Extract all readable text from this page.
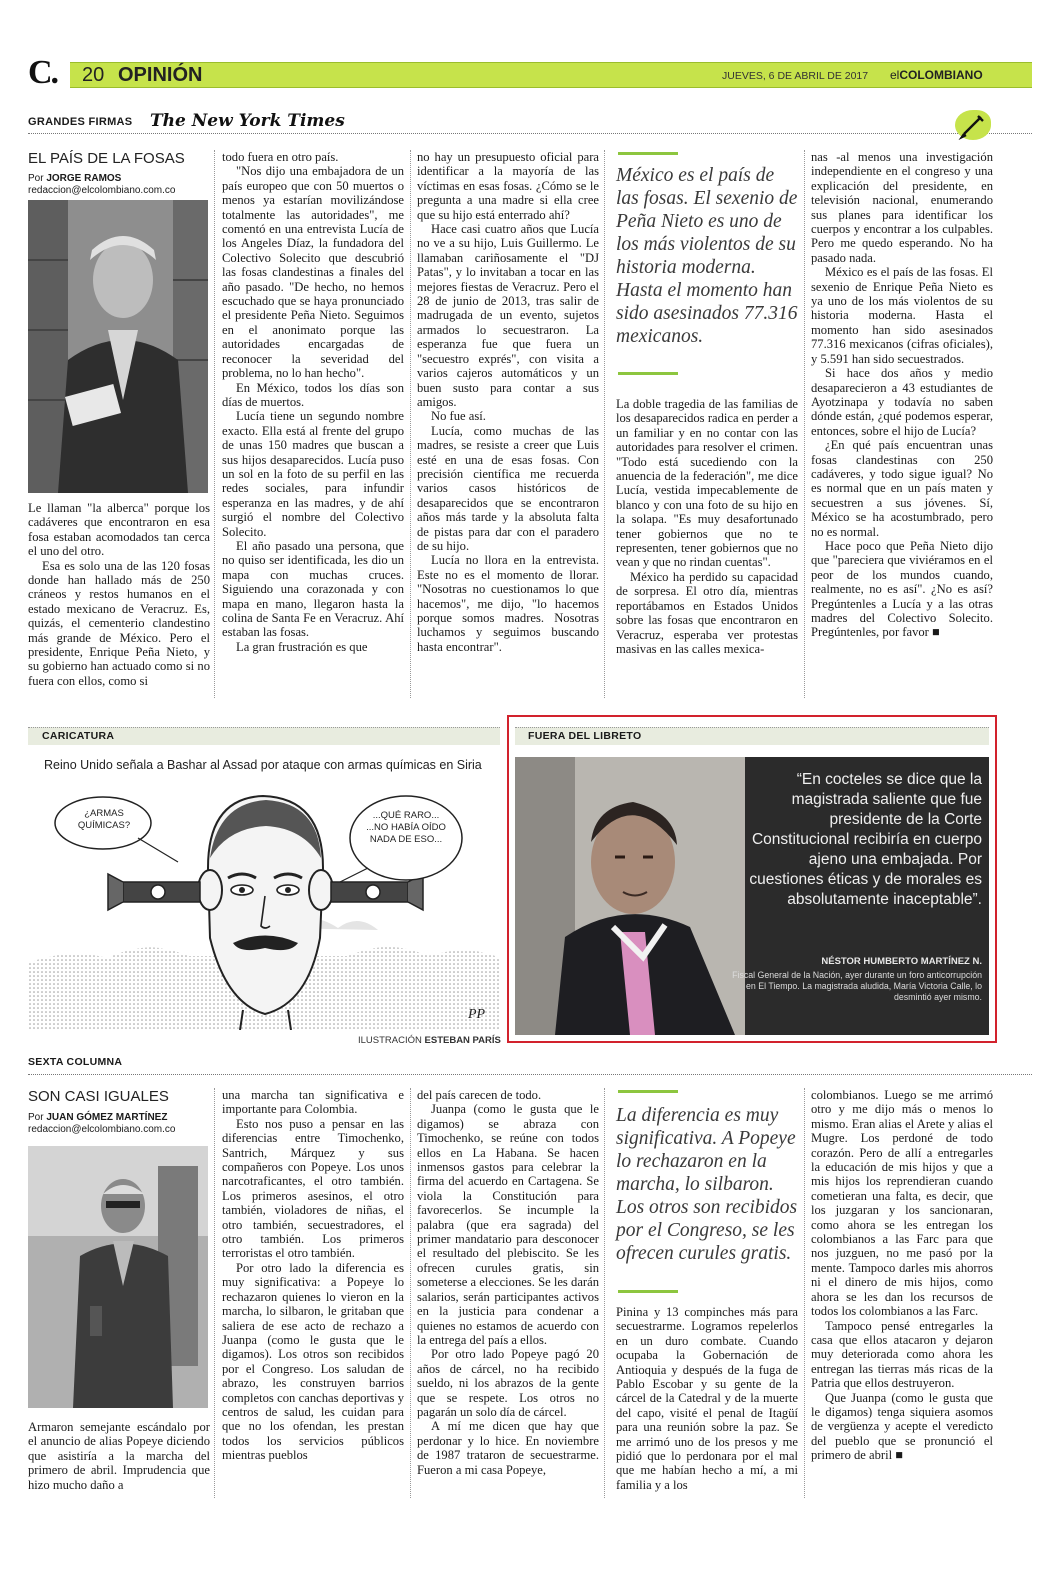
C. 20 OPINIÓN	JUEVES, 6 DE ABRIL DE 2017 elCOLOMBIANO
GRANDES FIRMAS The New York Times
EL PAÍS DE LA FOSAS
Por JORGE RAMOS
redaccion@elcolombiano.com.co

Le llaman "la alberca" porque los cadáveres que encontraron en esa fosa estaban acomodados tan cerca el uno del otro.

Esa es solo una de las 120 fosas donde han hallado más de 250 cráneos y restos humanos en el estado mexicano de Veracruz. Es, quizás, el cementerio clandestino más grande de México. Pero el presidente, Enrique Peña Nieto, y su gobierno han actuado como si no fuera con ellos, como si

todo fuera en otro país.

"Nos dijo una embajadora de un país europeo que con 50 muertos o menos ya estarían movilizándose totalmente las autoridades", me comentó en una entrevista Lucía de los Angeles Díaz, la fundadora del Colectivo Solecito que descubrió las fosas clandestinas a finales del año pasado. "De hecho, no hemos escuchado que se haya pronunciado el presidente Peña Nieto. Seguimos en el anonimato porque las autoridades encargadas de reconocer la severidad del problema, no lo han hecho".

En México, todos los días son días de muertos.

Lucía tiene un segundo nombre exacto. Ella está al frente del grupo de unas 150 madres que buscan a sus hijos desaparecidos. Lucía puso un sol en la foto de su perfil en las redes sociales, para infundir esperanza en las madres, y de ahí surgió el nombre del Colectivo Solecito.

El año pasado una persona, que no quiso ser identificada, les dio un mapa con muchas cruces. Siguiendo una corazonada y con mapa en mano, llegaron hasta la colina de Santa Fe en Veracruz. Ahí estaban las fosas.

La gran frustración es que

no hay un presupuesto oficial para identificar a la mayoría de las víctimas en esas fosas. ¿Cómo se le pregunta a una madre si ella cree que su hijo está enterrado ahí?

Hace casi cuatro años que Lucía no ve a su hijo, Luis Guillermo. Le llamaban cariñosamente el "DJ Patas", y lo invitaban a tocar en las mejores fiestas de Veracruz. Pero el 28 de junio de 2013, tras salir de madrugada de un evento, sujetos armados lo secuestraron. La esperanza fue que fuera un "secuestro exprés", con visita a varios cajeros automáticos y un buen susto para contar a sus amigos.

No fue así.

Lucía, como muchas de las madres, se resiste a creer que Luis esté en una de esas fosas. Con precisión científica me recuerda varios casos históricos de desaparecidos que se encontraron años más tarde y la absoluta falta de pistas para dar con el paradero de su hijo.

Lucía no llora en la entrevista. Este no es el momento de llorar. "Nosotras no cuestionamos lo que hacemos", me dijo, "lo hacemos porque somos madres. Nosotras luchamos y seguimos buscando hasta encontrar".

México es el país de las fosas. El sexenio de Peña Nieto es uno de los más violentos de su historia moderna. Hasta el momento han sido asesinados 77.316 mexicanos.

La doble tragedia de las familias de los desaparecidos radica en perder a un familiar y en no contar con las autoridades para resolver el crimen. "Todo está sucediendo con la anuencia de la federación", me dice Lucía, vestida impecablemente de blanco y con una foto de su hijo en la solapa. "Es muy desafortunado tener gobiernos que no te representen, tener gobiernos que no vean y que no rindan cuentas".

México ha perdido su capacidad de sorpresa. El otro día, mientras reportábamos en Estados Unidos sobre las fosas que encontraron en Veracruz, esperaba ver protestas masivas en las calles mexica-

nas -al menos una investigación independiente en el congreso y una explicación del presidente, en televisión nacional, enumerando sus planes para identificar los cuerpos y encontrar a los culpables. Pero me quedo esperando. No ha pasado nada.

México es el país de las fosas. El sexenio de Enrique Peña Nieto es ya uno de los más violentos de su historia moderna. Hasta el momento han sido asesinados 77.316 mexicanos (cifras oficiales), y 5.591 han sido secuestrados.

Si hace dos años y medio desaparecieron a 43 estudiantes de Ayotzinapa y todavía no saben dónde están, ¿qué podemos esperar, entonces, sobre el hijo de Lucía?

¿En qué país encuentran unas fosas clandestinas con 250 cadáveres, y todo sigue igual? No es normal que en un país maten y secuestren a sus jóvenes. Sí, México se ha acostumbrado, pero no es normal.

Hace poco que Peña Nieto dijo que "pareciera que viviéramos en el peor de los mundos cuando, realmente, no es así". ¿No es así? Pregúntenles a Lucía y a las otras madres del Colectivo Solecito. Pregúntenles, por favor ■

CARICATURA
Reino Unido señala a Bashar al Assad por ataque con armas químicas en Siria
PP
¿ARMAS QUÍMICAS?
...QUÉ RARO... ...NO HABÍA OÍDO NADA DE ESO...
ILUSTRACIÓN ESTEBAN PARÍS
FUERA DEL LIBRETO
“En cocteles se dice que la magistrada saliente que fue presidente de la Corte Constitucional recibiría en cuerpo ajeno una embajada. Por cuestiones éticas y de morales es absolutamente inaceptable”.
NÉSTOR HUMBERTO MARTÍNEZ N.
Fiscal General de la Nación, ayer durante un foro anticorrupción en El Tiempo. La magistrada aludida, María Victoria Calle, lo desmintió ayer mismo.
SEXTA COLUMNA
SON CASI IGUALES
Por JUAN GÓMEZ MARTÍNEZ
redaccion@elcolombiano.com.co

Armaron semejante escándalo por el anuncio de alias Popeye diciendo que asistiría a la marcha del primero de abril. Imprudencia que hizo mucho daño a

una marcha tan significativa e importante para Colombia.

Esto nos puso a pensar en las diferencias entre Timochenko, Santrich, Márquez y sus compañeros con Popeye. Los unos narcotraficantes, el otro también. Los primeros asesinos, el otro también, violadores de niñas, el otro también, secuestradores, el otro también. Los primeros terroristas el otro también.

Por otro lado la diferencia es muy significativa: a Popeye lo rechazaron quienes lo vieron en la marcha, lo silbaron, le gritaban que saliera de ese acto de rechazo a Juanpa (como le gusta que le digamos). Los otros son recibidos por el Congreso. Los saludan de abrazo, les construyen barrios completos con canchas deportivas y centros de salud, les cuidan para que no los ofendan, les prestan todos los servicios públicos mientras pueblos

del país carecen de todo.

Juanpa (como le gusta que le digamos) se abraza con Timochenko, se reúne con todos ellos en La Habana. Se hacen inmensos gastos para celebrar la firma del acuerdo en Cartagena. Se viola la Constitución para favorecerlos. Se incumple la palabra (que era sagrada) del primer mandatario para desconocer el resultado del plebiscito. Se les ofrecen curules gratis, sin someterse a elecciones. Se les darán salarios, serán participantes activos en la justicia para condenar a quienes no estamos de acuerdo con la entrega del país a ellos.

Por otro lado Popeye pagó 20 años de cárcel, no ha recibido sueldo, ni los abrazos de la gente que se respete. Los otros no pagarán un solo día de cárcel.

A mí me dicen que hay que perdonar y lo hice. En noviembre de 1987 trataron de secuestrarme. Fueron a mi casa Popeye,

La diferencia es muy significativa. A Popeye lo rechazaron en la marcha, lo silbaron. Los otros son recibidos por el Congreso, se les ofrecen curules gratis.

Pinina y 13 compinches más para secuestrarme. Logramos repelerlos en un duro combate. Cuando ocupaba la Gobernación de Antioquia y después de la fuga de Pablo Escobar y su gente de la cárcel de la Catedral y de la muerte del capo, visité el penal de Itagüí para una reunión sobre la paz. Se me arrimó uno de los presos y me pidió que lo perdonara por el mal que me habían hecho a mí, a mi familia y a los

colombianos. Luego se me arrimó otro y me dijo más o menos lo mismo. Eran alias el Arete y alias el Mugre. Los perdoné de todo corazón. Pero de allí a entregarles la educación de mis hijos y que a mis hijos los reprendieran cuando cometieran una falta, es decir, que los juzgaran y los sancionaran, como ahora se les entregan los colombianos a las Farc para que nos juzguen, no me pasó por la mente. Tampoco darles mis ahorros ni el dinero de mis hijos, como ahora se les dan los recursos de todos los colombianos a las Farc.

Tampoco pensé entregarles la casa que ellos atacaron y dejaron muy deteriorada como ahora les entregan las tierras más ricas de la Patria que ellos destruyeron.

Que Juanpa (como le gusta que le digamos) tenga siquiera asomos de vergüenza y acepte el veredicto del pueblo que se pronunció el primero de abril ■
